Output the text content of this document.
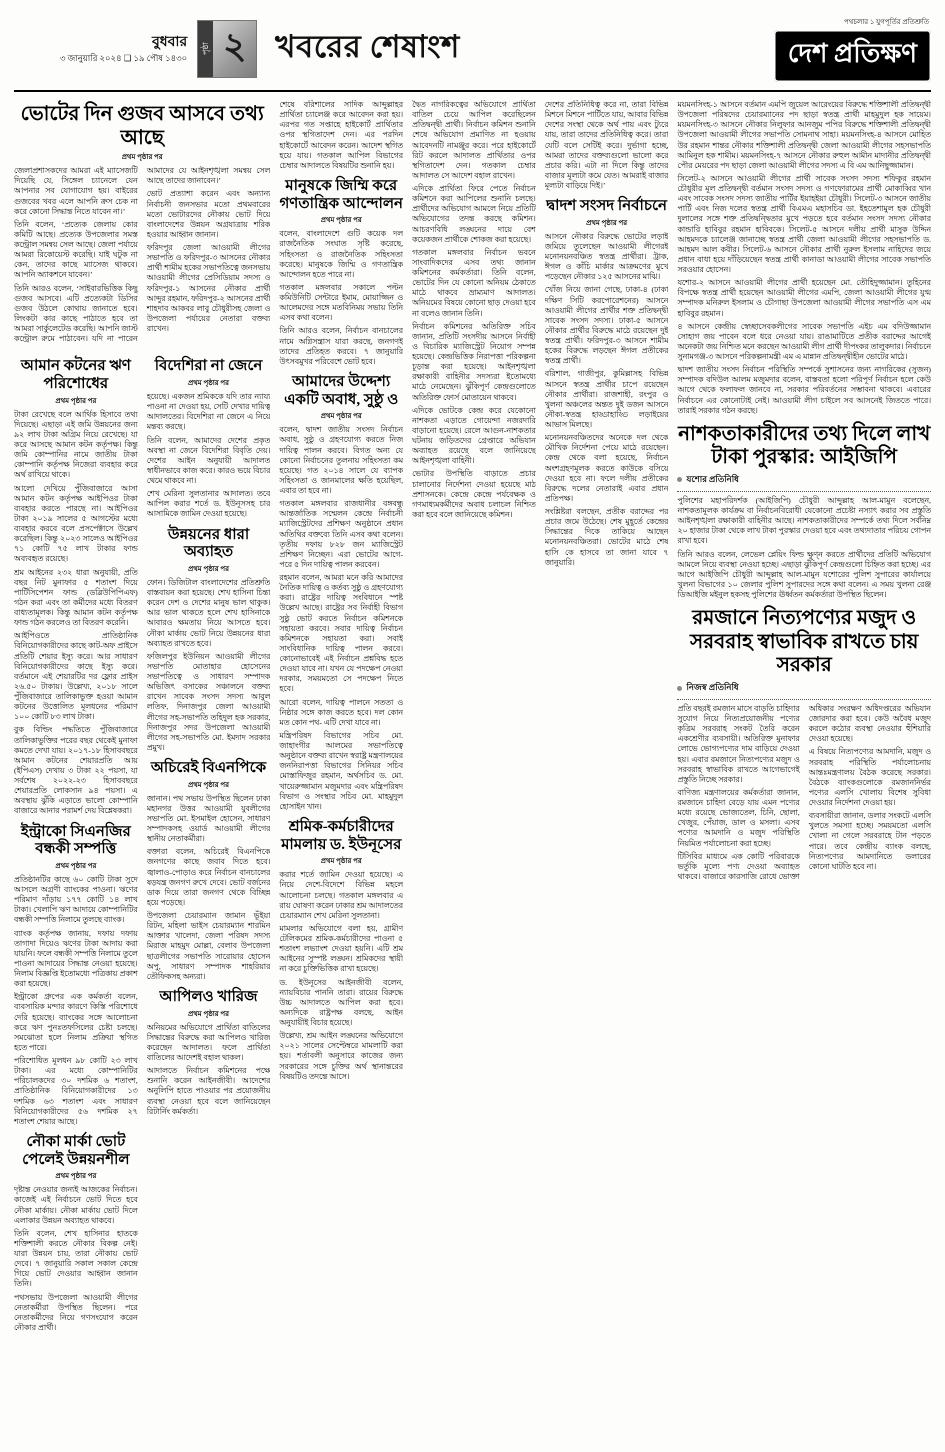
বুধবার
৩ জানুয়ারি ২০২৪ ❑ ১৯ পৌষ ১৪৩০
পৃষ্ঠা ২ খবরের শেষাংশ
পথচলার ১ যুগপূর্তির প্রতিশ্রুতি
দেশ প্রতিক্ষণ
ভোটের দিন গুজব আসবে তথ্য আছে
প্রথম পৃষ্ঠার পর

জেলাপ্রশাসকদের আমরা এই ম্যাসেজটি দিয়েছি যে, সিঙ্গেল চ্যানেলে যেন আপনার সব যোগাযোগ হয়। বাইরের গুজবের খবর এলে আপনি ক্রস চেক না করে কোনো সিদ্ধান্ত নিতে যাবেন না।’

তিনি বলেন, ‘প্রত্যেক জেলায় কোর কমিটি আছে। প্রত্যেক উপজেলার সমস্ত কন্ট্রোল সমন্বয় সেল আছে। জেলা পর্যায়ে আমরা রিকোয়েস্ট করেছি। যাই ঘটুক না কেন, তাদের কাছে ম্যাসেজ থাকবে। আপনি অ্যাকশনে যাবেন।’

তিনি আরও বলেন, ‘সাইবারভিত্তিক কিছু গুজব আসবে। এটি প্রত্যেকটা ডিসির গুজব উঠলে কোথায় জানাতে হবে। লিংকটা কার কাছে পাঠাতে হবে তা আমরা সার্কুলেটেড করেছি। আপনি জাস্ট কন্ট্রোল রুমে পাঠাবেন। যদি না পারেন আমাদের যে আইনশৃঙ্খলা সমন্বয় সেল আছে তাদের জানাবেন।’

ভোট প্রত্যাশা করেন এবং অন্যান্য নির্বাচনী জনসভার মতো প্রথমবারের মতো ভোটারদের নৌকায় ভোট দিয়ে বাংলাদেশের উন্নয়ন অগ্রযাত্রায় শরিক হওয়ার আহ্বান জানান।

ফরিদপুর জেলা আওয়ামী লীগের সভাপতি ও ফরিদপুর-৩ আসনের নৌকার প্রার্থী শামীম হকের সভাপতিত্বে জনসভায় আওয়ামী লীগের প্রেসিডিয়াম সদস্য ও ফরিদপুর-১ আসনের নৌকার প্রার্থী আব্দুর রহমান, ফরিদপুর-২ আসনের প্রার্থী শাহদাব আকবর লাবু চৌধুরীসহ জেলা ও উপজেলা পর্যায়ের নেতারা বক্তব্য রাখেন।

আমান কটনের ঋণ পরিশোধের
প্রথম পৃষ্ঠার পর

টাকা রেখেছে বলে আর্থিক হিসাবে তথ্য দিয়েছে। এছাড়া এই জমি উন্নয়নের জন্য ৯২ লাখ টাকা অগ্রিম নিয়ে রেখেছে। যা করে আসছে আমান কটন কর্তৃপক্ষ। কিন্তু জমি কোম্পানির নামে জাতীয় টাকা কোম্পানি কর্তৃপক্ষ নিজেরা ব্যবহার করে অর্থ রাখিয়ে থাকে।

আলো দেখিয়ে পুঁজিবাজারে আসা আমান কটন কর্তৃপক্ষ আইপিওর টাকা ব্যবহার করতে পারছে না। আইপিওর টাকা ২০১৯ সালের ৫ আগস্টের মধ্যে ব্যবহার করবে বলে প্রসপেক্টাসে উল্লেখ করেছিল। কিন্তু ২০২৩ সালেও আইপিওর ৭১ কোটি ৭৫ লাখ টাকার ফান্ড অব্যবহৃত রয়েছে।

শ্রম আইনের ২৩২ ধারা অনুযায়ী, প্রতি বছর নিট মুনাফার ৫ শতাংশ দিয়ে পার্টিসিপেশন ফান্ড (ডব্লিউপিপিএফ) গঠন করা এবং তা কর্মীদের মধ্যে বিতরণ বাধ্যতামূলক। কিন্তু আমান কটন কর্তৃপক্ষ ফান্ড গঠন করলেও তা বিতরণ করেনি।

আইপিওতে প্রাতিষ্ঠানিক বিনিয়োগকারীদের কাছে কাট-অফ প্রাইসে প্রতিটি শেয়ার ইস্যু করে। আর সাধারণ বিনিয়োগকারীদের কাছে ইস্যু করে। বর্তমানে এই শেয়ারটির দর ফ্লোর প্রাইস ২৬.৫০ টাকায়। উল্লেখ্য, ২০১৮ সালে পুঁজিবাজারে তালিকাভুক্ত হওয়া আমান কটনের উত্তোলিত মূলধনের পরিমাণ ১০০ কোটি ৮৩ লাখ টাকা।

বুক বিল্ডিং পদ্ধতিতে পুঁজিবাজারে তালিকাভুক্তির পরের বছর থেকেই মুনাফা কমতে দেখা যায়। ২০১৭-১৮ হিসাববছরে আমান কটনের শেয়ারপ্রতি আয় (ইপিএস) দেখায় ৩ টাকা ২২ পয়সা, যা সর্বশেষ ২০২২-২৩ হিসাববছরে শেয়ারপ্রতি লোকসান ৯৪ পয়সা। এ অবস্থায় ঝুঁকি এড়াতে ভালো কোম্পানি বাজারে আনার পরামর্শ দেয় বিশ্লেষকরা।

ইন্ট্রাকো সিএনজির বন্ধকী সম্পত্তি
প্রথম পৃষ্ঠার পর

প্রতিষ্ঠানটির কাছে ৬০ কোটি টাকা সুদে আসলে অগ্রণী ব্যাংকের পাওনা। ঋণের পরিমাণ দাঁড়ায় ১৭৭ কোটি ১৪ লাখ টাকা। খেলাপি ঋণ আদায়ে কোম্পানিটির বন্ধকী সম্পত্তি নিলামে তুলছে ব্যাংক।

ব্যাংক কর্তৃপক্ষ জানায়, দফায় দফায় তাগাদা দিয়েও ঋণের টাকা আদায় করা যায়নি। ফলে বন্ধকী সম্পত্তি নিলামে তুলে পাওনা আদায়ের সিদ্ধান্ত নেওয়া হয়েছে। নিলাম বিজ্ঞপ্তি ইতোমধ্যে পত্রিকায় প্রকাশ করা হয়েছে।

ইন্ট্রাকো গ্রুপের এক কর্মকর্তা বলেন, ব্যবসায়িক মন্দার কারণে কিস্তি পরিশোধে দেরি হয়েছে। ব্যাংকের সঙ্গে আলোচনা করে ঋণ পুনঃতফসিলের চেষ্টা চলছে। সমঝোতা হলে নিলাম প্রক্রিয়া স্থগিত হতে পারে।

পরিশোধিত মূলধন ৯৮ কোটি ২৩ লাখ টাকা। এর মধ্যে কোম্পানিটির পরিচালকদের ৩০ দশমিক ৬ শতাংশ, প্রাতিষ্ঠানিক বিনিয়োগকারীদের ১৩ দশমিক ৬৩ শতাংশ এবং সাধারণ বিনিয়োগকারীদের ৫৬ দশমিক ২৭ শতাংশ শেয়ার আছে।

নৌকা মার্কা ভোট পেলেই উন্নয়নশীল
প্রথম পৃষ্ঠার পর

দৃষ্টান্ত নেওয়ার জন্যই আজকের নির্বাচন। কাজেই এই নির্বাচনে ভোট দিতে হবে নৌকা মার্কায়। নৌকা মার্কায় ভোট দিলে এলাকার উন্নয়ন অব্যাহত থাকবে।

তিনি বলেন, শেখ হাসিনার হাতকে শক্তিশালী করতে নৌকার বিকল্প নেই। যারা উন্নয়ন চায়, তারা নৌকায় ভোট দেবে। ৭ জানুয়ারি সকাল সকাল কেন্দ্রে গিয়ে ভোট দেওয়ার আহ্বান জানান তিনি।

পথসভায় উপজেলা আওয়ামী লীগের নেতাকর্মীরা উপস্থিত ছিলেন। পরে নেতাকর্মীদের নিয়ে গণসংযোগ করেন নৌকার প্রার্থী।

বিদেশিরা না জেনে
প্রথম পৃষ্ঠার পর

হয়েছে। একজন শ্রমিককে যদি তার ন্যায্য পাওনা না দেওয়া হয়, সেটি দেখার দায়িত্ব আদালতের। বিদেশিরা না জেনে এ নিয়ে মন্তব্য করছে।

তিনি বলেন, আমাদের দেশের প্রকৃত অবস্থা না জেনে বিদেশিরা বিবৃতি দেয়। দেশের আইন অনুযায়ী আদালত স্বাধীনভাবে কাজ করে। কারও ভয়ে বিচার থেমে থাকবে না।

শেখ মেরিনা সুলতানার আদালত। তবে আপিল করার শর্তে ড. ইউনূসসহ চার আসামিকে জামিন দেওয়া হয়েছে।

উন্নয়নের ধারা অব্যাহত
প্রথম পৃষ্ঠার পর

ফোন। ডিজিটাল বাংলাদেশের প্রতিশ্রুতি বাস্তবায়ন করা হয়েছে। শেখ হাসিনা চিন্তা করেন দেশ ও দেশের মানুষ ভাল থাকুক। আর ভাল থাকতে হলে শেখ হাসিনাকে আবারও ক্ষমতায় নিয়ে আসতে হবে। নৌকা মার্কায় ভোট নিয়ে উন্নয়নের ধারা অব্যাহত রাখতে হবে।

ফজিলপুর ইউনিয়ন আওয়ামী লীগের সভাপতি মোতাহার হোসেনের সভাপতিত্বে ও সাধারণ সম্পাদক অভিজিৎ বসাকের সঞ্চালনে বক্তব্য রাখেন সাবেক সংসদ সদস্য আবুল লতিফ, দিনাজপুর জেলা আওয়ামী লীগের সহ-সভাপতি তহিদুল হক সরকার, দিনাজপুর সদর উপজেলা আওয়ামী লীগের সহ-সভাপতি মো. ইমদাদ সরকার প্রমুখ।

অচিরেই বিএনপিকে
প্রথম পৃষ্ঠার পর

জানান। পথ সভায় উপস্থিত ছিলেন ঢাকা মহানগর উত্তর আওয়ামী যুবলীগের সভাপতি মো. ইসমাইল হোসেন, সাধারণ সম্পাদকসহ ওয়ার্ড আওয়ামী লীগের স্থানীয় নেতাকর্মীরা।

বক্তারা বলেন, অচিরেই বিএনপিকে জনগণের কাছে জবাব দিতে হবে। জ্বালাও-পোড়াও করে নির্বাচন বানচালের ষড়যন্ত্র জনগণ রুখে দেবে। ভোট বর্জনের ডাক দিয়ে তারা জনগণ থেকে বিচ্ছিন্ন হয়ে পড়েছে।

উপজেলা চেয়ারম্যান জামান ভূঁইয়া রিটন, মহিলা ভাইস চেয়ারম্যান শারমিন আক্তার খালেদা, জেলা পরিষদ সদস্য মিরাজ মাহমুদ মোল্লা, বেলাব উপজেলা ছাত্রলীগের সভাপতি সারোয়ার হোসেন অপু, সাধারণ সম্পাদক শাহরিয়ার তৌফিকসহ অন্যরা।

আপিলও খারিজ
প্রথম পৃষ্ঠার পর

অনিয়মের অভিযোগে প্রার্থিতা বাতিলের সিদ্ধান্তের বিরুদ্ধে করা আপিলও খারিজ করেছেন আদালত। ফলে প্রার্থিতা বাতিলের আদেশই বহাল থাকল।

আদালতে নির্বাচন কমিশনের পক্ষে শুনানি করেন আইনজীবী। আদেশের অনুলিপি হাতে পাওয়ার পর প্রয়োজনীয় ব্যবস্থা নেওয়া হবে বলে জানিয়েছেন রিটার্নিং কর্মকর্তা।

শেষে বরিশালের সাদিক আব্দুল্লাহর প্রার্থিতা চ্যালেঞ্জ করে আবেদন করা হয়। এরপর গত সপ্তাহে হাইকোর্ট প্রার্থিতার ওপর স্থগিতাদেশ দেন। এর পরদিন হাইকোর্টে আবেদন করেন। আদেশ স্থগিত হয়ে যায়। গতকাল আপিল বিভাগের চেম্বার আদালতে বিষয়টির শুনানি হয়।

মানুষকে জিম্মি করে গণতান্ত্রিক আন্দোলন
প্রথম পৃষ্ঠার পর

বলেন, বাংলাদেশে গুটি কয়েক দল রাজনৈতিক সংঘাত সৃষ্টি করেছে, সহিংসতা ও রাজনৈতিক সহিংসতা করেছে। মানুষকে জিম্মি ও গণতান্ত্রিক আন্দোলন হতে পারে না।

গতকাল মঙ্গলবার সকালে পল্টন কমিউনিটি সেন্টারে ইমাম, মোয়াজ্জিন ও আলেমদের সঙ্গে মতবিনিময় সভায় তিনি এসব কথা বলেন।

তিনি আরও বলেন, নির্বাচন বানচালের নামে অগ্নিসন্ত্রাস যারা করছে, জনগণই তাদের প্রতিহত করবে। ৭ জানুয়ারি উৎসবমুখর পরিবেশে ভোট হবে।

আমাদের উদ্দেশ্য একটি অবাধ, সুষ্ঠু ও
প্রথম পৃষ্ঠার পর

বলেন, দ্বাদশ জাতীয় সংসদ নির্বাচন অবাধ, সুষ্ঠু ও গ্রহণযোগ্য করতে নিজ দায়িত্ব পালন করবে। বিগত অন্য যে কোনো নির্বাচনের তুলনায় সহিংসতা কম হয়েছে। গত ২০১৪ সালে যে ব্যাপক সহিংসতা ও জানমালের ক্ষতি হয়েছিল, এবার তা হবে না।

গতকাল মঙ্গলবার রাজধানীর বঙ্গবন্ধু আন্তর্জাতিক সম্মেলন কেন্দ্রে নির্বাচনী ম্যাজিস্ট্রেটদের প্রশিক্ষণ অনুষ্ঠানে প্রধান অতিথির বক্তব্যে তিনি এসব কথা বলেন। তৃতীয় দফায় ৮২৮ জন ম্যাজিস্ট্রেট প্রশিক্ষণ নিচ্ছেন। এরা ভোটের আগে-পরে ৫ দিন দায়িত্ব পালন করবেন।

রহমান বলেন, আমরা মনে করি আমাদের নৈতিক দায়িত্ব ও কর্তব্য সুষ্ঠু ও গ্রহণযোগ্য করা। রাষ্ট্রের দায়িত্ব সংবিধানে স্পষ্ট উল্লেখ আছে। রাষ্ট্রের সব নির্বাহী বিভাগ সুষ্ঠু ভোট করতে নির্বাচন কমিশনকে সহায়তা করবে। সবার দায়িত্ব নির্বাচন কমিশনকে সহায়তা করা। সবাই সাংবিধানিক দায়িত্ব পালন করবে। কোনোভাবেই এই নির্বাচন প্রশ্নবিদ্ধ হতে দেওয়া যাবে না। যখন যে পদক্ষেপ নেওয়া দরকার, সময়মতো সে পদক্ষেপ নিতে হবে।

আরো বলেন, দায়িত্ব পালনে সততা ও নিষ্ঠার সঙ্গে কাজ করতে হবে। দল কোন মত কোন পথ- এটি দেখা যাবে না।

মন্ত্রিপরিষদ বিভাগের সচিব মো. জাহাংগীর আলমের সভাপতিত্বে অনুষ্ঠানে বক্তব্য রাখেন স্বরাষ্ট্র মন্ত্রণালয়ের জননিরাপত্তা বিভাগের সিনিয়র সচিব মোস্তাফিজুর রহমান, অর্থসচিব ড. মো. খায়েরুজ্জামান মজুমদার এবং মন্ত্রিপরিষদ বিভাগ ও সংস্থার সচিব মো. মাহমুদুল হোসাইন খান।

শ্রমিক-কর্মচারীদের মামলায় ড. ইউনূসের
প্রথম পৃষ্ঠার পর

করার শর্তে জামিন দেওয়া হয়েছে। এ নিয়ে দেশে-বিদেশে বিভিন্ন মহলে আলোচনা চলছে। গতকাল মঙ্গলবার এ রায় ঘোষণা করেন ঢাকার শ্রম আদালতের চেয়ারম্যান শেখ মেরিনা সুলতানা।

মামলার অভিযোগে বলা হয়, গ্রামীণ টেলিকমের শ্রমিক-কর্মচারীদের পাওনা ৫ শতাংশ লভ্যাংশ দেওয়া হয়নি। এটি শ্রম আইনের সুস্পষ্ট লঙ্ঘন। শ্রমিকদের স্থায়ী না করে চুক্তিভিত্তিক রাখা হয়েছে।

ড. ইউনূসের আইনজীবী বলেন, ন্যায়বিচার পাননি তারা। রায়ের বিরুদ্ধে উচ্চ আদালতে আপিল করা হবে। অন্যদিকে রাষ্ট্রপক্ষ বলছে, আইন অনুযায়ীই বিচার হয়েছে।

উল্লেখ্য, শ্রম আইন লঙ্ঘনের অভিযোগে ২০২১ সালের সেপ্টেম্বরে মামলাটি করা হয়। শর্তাবলী অনুসারে কাজের জন্য সরকারের সঙ্গে চুক্তির অর্থ স্থানান্তরের বিষয়টিও তদন্তে আসে।

দ্বৈত নাগরিকত্বের অভিযোগে প্রার্থিতা বাতিল চেয়ে আপিল করেছিলেন প্রতিদ্বন্দ্বী প্রার্থী। নির্বাচন কমিশন শুনানি শেষে অভিযোগ প্রমাণিত না হওয়ায় আবেদনটি নামঞ্জুর করে। পরে হাইকোর্টে রিট করলে আদালত প্রার্থিতার ওপর স্থগিতাদেশ দেন। গতকাল চেম্বার আদালত সে আদেশ বহাল রাখেন।

এদিকে প্রার্থিতা ফিরে পেতে নির্বাচন কমিশনে করা আপিলের শুনানি চলছে। প্রার্থীদের অভিযোগ আমলে নিয়ে প্রতিটি অভিযোগের তদন্ত করছে কমিশন। আচরণবিধি লঙ্ঘনের দায়ে বেশ কয়েকজন প্রার্থীকে শোকজ করা হয়েছে।

গতকাল মঙ্গলবার নির্বাচন ভবনে সাংবাদিকদের এসব তথ্য জানান কমিশনের কর্মকর্তারা। তিনি বলেন, ভোটের দিন যে কোনো অনিয়ম ঠেকাতে মাঠে থাকবে ভ্রাম্যমাণ আদালত। অনিয়মের বিষয়ে কোনো ছাড় দেওয়া হবে না বলেও জানান তিনি।

নির্বাচন কমিশনের অতিরিক্ত সচিব জানান, প্রতিটি সংসদীয় আসনে নির্বাহী ও বিচারিক ম্যাজিস্ট্রেট নিয়োগ সম্পন্ন হয়েছে। কেন্দ্রভিত্তিক নিরাপত্তা পরিকল্পনা চূড়ান্ত করা হয়েছে। আইনশৃঙ্খলা রক্ষাকারী বাহিনীর সদস্যরা ইতোমধ্যে মাঠে নেমেছেন। ঝুঁকিপূর্ণ কেন্দ্রগুলোতে অতিরিক্ত ফোর্স মোতায়েন থাকবে।

এদিকে ভোটকে কেন্দ্র করে যেকোনো নাশকতা এড়াতে গোয়েন্দা নজরদারি বাড়ানো হয়েছে। রেলে আগুন-নাশকতার ঘটনায় জড়িতদের গ্রেপ্তারে অভিযান অব্যাহত রয়েছে বলে জানিয়েছে আইনশৃঙ্খলা বাহিনী।

ভোটার উপস্থিতি বাড়াতে প্রচার চালানোর নির্দেশনা দেওয়া হয়েছে মাঠ প্রশাসনকে। কেন্দ্রে কেন্দ্রে পর্যবেক্ষক ও গণমাধ্যমকর্মীদের অবাধ চলাচল নিশ্চিত করা হবে বলে জানিয়েছে কমিশন।

দেশের প্রতিনিধিত্ব করে না, তারা বিভিন্ন মিশনে মিশনে পার্টিতে যায়, আবার বিভিন্ন দেশের সংস্থা থেকে অর্থ পায় এবং ট্যুরে যায়, তারা তাদের প্রতিনিধিত্ব করে। তারা যেটি বলে সেটিই করে। দুর্ভাগা হচ্ছে, আমরা তাদের বক্তব্যগুলো ভালো করে প্রচার করি। এটা না দিলে কিন্তু তাদের বাজার মূল্যটা কমে যেত। আমরাই বাজার মূল্যটা বাড়িয়ে দিই।’

দ্বাদশ সংসদ নির্বাচনে
প্রথম পৃষ্ঠার পর

আসনে নৌকার বিরুদ্ধে ভোটের লড়াই জমিয়ে তুলেছেন আওয়ামী লীগেরই মনোনয়নবঞ্চিত স্বতন্ত্র প্রার্থীরা। ট্রাক, ঈগল ও কাঁচি মার্কার আক্রমণের মুখে পড়েছেন নৌকার ১২৫ আসনের মাঝি।

খোঁজ নিয়ে জানা গেছে, ঢাকা-৪ (ঢাকা দক্ষিণ সিটি করপোরেশনের) আসনে আওয়ামী লীগের প্রার্থীর শক্ত প্রতিদ্বন্দ্বী সাবেক সংসদ সদস্য। ঢাকা-৫ আসনে নৌকার প্রার্থীর বিরুদ্ধে মাঠে রয়েছেন দুই স্বতন্ত্র প্রার্থী। ফরিদপুর-৩ আসনে শামীম হকের বিরুদ্ধে লড়ছেন ঈগল প্রতীকের স্বতন্ত্র প্রার্থী।

বরিশাল, গাজীপুর, কুমিল্লাসহ বিভিন্ন আসনে স্বতন্ত্র প্রার্থীর চাপে রয়েছেন নৌকার প্রার্থীরা। রাজশাহী, রংপুর ও খুলনা অঞ্চলের অন্তত দুই ডজন আসনে নৌকা-স্বতন্ত্র হাড্ডাহাড্ডি লড়াইয়ের আভাস মিলছে।

মনোনয়নবঞ্চিতদের অনেকে দল থেকে মৌখিক নির্দেশনা পেয়ে মাঠে রয়েছেন। কেন্দ্র থেকে বলা হয়েছে, নির্বাচন অংশগ্রহণমূলক করতে কাউকে বসিয়ে দেওয়া হবে না। ফলে দলীয় প্রতীকের বিরুদ্ধে দলের নেতারাই এবার প্রধান প্রতিপক্ষ।

সংশ্লিষ্টরা বলছেন, প্রতীক বরাদ্দের পর প্রচার জমে উঠেছে। শেষ মুহূর্তে কেন্দ্রের সিদ্ধান্তের দিকে তাকিয়ে আছেন মনোনয়নবঞ্চিতরা। ভোটের মাঠে শেষ হাসি কে হাসবে তা জানা যাবে ৭ জানুয়ারি।

ময়মনসিংহ-১ আসনে বর্তমান এমপি জুয়েল আরেংয়ের বিরুদ্ধে শক্তিশালী প্রতিদ্বন্দ্বী উপজেলা পরিষদের চেয়ারম্যানের পদ ছাড়া স্বতন্ত্র প্রার্থী মাহমুদুল হক সায়েম। ময়মনসিংহ-৩ আসনে নৌকার নিলুফার আনজুম পপির বিরুদ্ধে শক্তিশালী প্রতিদ্বন্দ্বী উপজেলা আওয়ামী লীগের সভাপতি সোমনাথ সাহা। ময়মনসিংহ-৪ আসনে মোহিত উর রহমান শান্তর নৌকার শক্তিশালী প্রতিদ্বন্দ্বী জেলা আওয়ামী লীগের সহসভাপতি আমিনুল হক শামীম। ময়মনসিংহ-৭ আসনে নৌকার রুহুল আমীন মাদানীর প্রতিদ্বন্দ্বী পৌর মেয়রের পদ ছাড়া জেলা আওয়ামী লীগের সদস্য এ বি এম আনিছুজ্জামান।

সিলেট-২ আসনে আওয়ামী লীগের প্রার্থী সাবেক সংসদ সদস্য শফিকুর রহমান চৌধুরীর মূল প্রতিদ্বন্দ্বী বর্তমান সংসদ সদস্য ও গণফোরামের প্রার্থী মোকাব্বির খান এবং সাবেক সংসদ সদস্য জাতীয় পার্টির ইয়াহইয়া চৌধুরী। সিলেট-৩ আসনে জাতীয় পার্টি এবং নিজ দলের স্বতন্ত্র প্রার্থী বিএমএ মহাসচিব ডা. ইহতেশামুল হক চৌধুরী দুলালের সঙ্গে শক্ত প্রতিদ্বন্দ্বিতার মুখে পড়তে হবে বর্তমান সংসদ সদস্য নৌকার কান্ডারি হাবিবুর রহমান হাবিবকে। সিলেট-৫ আসনে দলীয় প্রার্থী মাসুক উদ্দিন আহমদকে চ্যালেঞ্জ জানাচ্ছে স্বতন্ত্র প্রার্থী জেলা আওয়ামী লীগের সহসভাপতি ড. আহমদ আল কবীর। সিলেট-৬ আসনে নৌকার প্রার্থী নুরুল ইসলাম নাহিদের জয়ে প্রধান বাধা হয়ে দাঁড়িয়েছেন স্বতন্ত্র প্রার্থী কানাডা আওয়ামী লীগের সাবেক সভাপতি সরওয়ার হোসেন।

যশোর-২ আসনে আওয়ামী লীগের প্রার্থী হয়েছেন মো. তৌহিদুজ্জামান। তুহিনের বিপক্ষে স্বতন্ত্র প্রার্থী হয়েছেন আওয়ামী লীগের এমপি, জেলা আওয়ামী লীগের যুগ্ম সম্পাদক মনিরুল ইসলাম ও চৌগাছা উপজেলা আওয়ামী লীগের সভাপতি এস এম হাবিবুর রহমান।

৪ আসনে কেন্দ্রীয় স্বেচ্ছাসেবকলীগের সাবেক সভাপতি এইচ এম বদিউজ্জামান সোহাগ জয় পাবেন বলে ধরে নেওয়া যায়। রাঙামাটিতে প্রতীক বরাদ্দের আগেই অনেকটা জয় নিশ্চিত মনে করছেন আওয়ামী লীগ প্রার্থী দীপংকর তালুকদার। নির্বাচনে সুনামগঞ্জ-৩ আসনে পরিকল্পনামন্ত্রী এম এ মান্নান প্রতিদ্বন্দ্বীহীন ভোটের মাঠে।

দ্বাদশ জাতীয় সংসদ নির্বাচন পরিস্থিতি সম্পর্কে সুশাসনের জন্য নাগরিকের (সুজন) সম্পাদক বদিউল আলম মজুমদার বলেন, বাস্তবতা হলো পরিপূর্ণ নির্বাচন হলে কেউ আগে থেকে ফলাফল জানবে না, সরকার পরিবর্তনের সম্ভাবনা থাকবে। এবারের নির্বাচনে এর কোনোটাই নেই। আওয়ামী লীগ চাইলে সব আসনেই জিততে পারে। তারাই সরকার গঠন করছে।

নাশকতাকারীদের তথ্য দিলে লাখ টাকা পুরস্কার: আইজিপি
যশোর প্রতিনিধি

পুলিশের মহাপরিদর্শক (আইজিপি) চৌধুরী আব্দুল্লাহ আল-মামুন বলেছেন, নাশকতামূলক কার্যক্রম বা নির্বাচনবিরোধী যেকোনো প্রচেষ্টা নস্যাৎ করার সব প্রস্তুতি আইনশৃঙ্খলা রক্ষাকারী বাহিনীর আছে। নাশকতাকারীদের সম্পর্কে তথ্য দিলে সর্বনিম্ন ২০ হাজার টাকা থেকে লাখ টাকা পুরস্কার দেওয়া হবে এবং তথ্যদাতার পরিচয় গোপন রাখা হবে।

তিনি আরও বলেন, লেভেল প্লেয়িং ফিল্ড ক্ষুণ্ন করতে প্রার্থীদের প্রতিটি অভিযোগ আমলে নিয়ে ব্যবস্থা নেওয়া হচ্ছে। এছাড়া ঝুঁকিপূর্ণ কেন্দ্রগুলো চিহ্নিত করা হচ্ছে। এর আগে আইজিপি চৌধুরী আব্দুল্লাহ আল-মামুন যশোরের পুলিশ সুপারের কার্যালয়ে খুলনা বিভাগের ১০ জেলার পুলিশ সুপারদের সঙ্গে কথা বলেন। এ সময় খুলনা রেঞ্জ ডিআইজি মইনুল হকসহ পুলিশের ঊর্ধ্বতন কর্মকর্তারা উপস্থিত ছিলেন।

রমজানে নিত্যপণ্যের মজুদ ও সরবরাহ স্বাভাবিক রাখতে চায় সরকার
নিজস্ব প্রতিনিধি

প্রতি বছরই রমজান মাসে বাড়তি চাহিদার সুযোগ নিয়ে নিত্যপ্রয়োজনীয় পণ্যের কৃত্রিম সরবরাহ সংকট তৈরি করেন একশ্রেণীর ব্যবসায়ী। অতিরিক্ত মুনাফার লোভে ভোগ্যপণ্যের দাম বাড়িয়ে দেওয়া হয়। এবার রমজানে নিত্যপণ্যের মজুদ ও সরবরাহ স্বাভাবিক রাখতে আগেভাগেই প্রস্তুতি নিচ্ছে সরকার।

বাণিজ্য মন্ত্রণালয়ের কর্মকর্তারা জানান, রমজানে চাহিদা বেড়ে যায় এমন পণ্যের মধ্যে রয়েছে ভোজ্যতেল, চিনি, ছোলা, খেজুর, পেঁয়াজ, ডাল ও মসলা। এসব পণ্যের আমদানি ও মজুদ পরিস্থিতি নিয়মিত পর্যালোচনা করা হচ্ছে।

টিসিবির মাধ্যমে এক কোটি পরিবারকে ভর্তুকি মূল্যে পণ্য দেওয়া অব্যাহত থাকবে। বাজারে কারসাজি রোধে ভোক্তা অধিকার সংরক্ষণ অধিদপ্তরের অভিযান জোরদার করা হবে। কেউ অবৈধ মজুদ করলে কঠোর ব্যবস্থা নেওয়ার হুঁশিয়ারি দেওয়া হয়েছে।

এ বিষয়ে নিত্যপণ্যের আমদানি, মজুদ ও সরবরাহ পরিস্থিতি পর্যালোচনায় আন্তঃমন্ত্রণালয় বৈঠক করেছে সরকার। বৈঠকে ব্যাংকগুলোকে রমজাননির্ভর পণ্যের এলসি খোলায় বিশেষ সুবিধা দেওয়ার নির্দেশনা দেওয়া হয়।

ব্যবসায়ীরা জানান, ডলার সংকটে এলসি খুলতে সমস্যা হচ্ছে। সময়মতো এলসি খোলা না গেলে সরবরাহে টান পড়তে পারে। তবে কেন্দ্রীয় ব্যাংক বলছে, নিত্যপণ্যের আমদানিতে ডলারের কোনো ঘাটতি হবে না।
